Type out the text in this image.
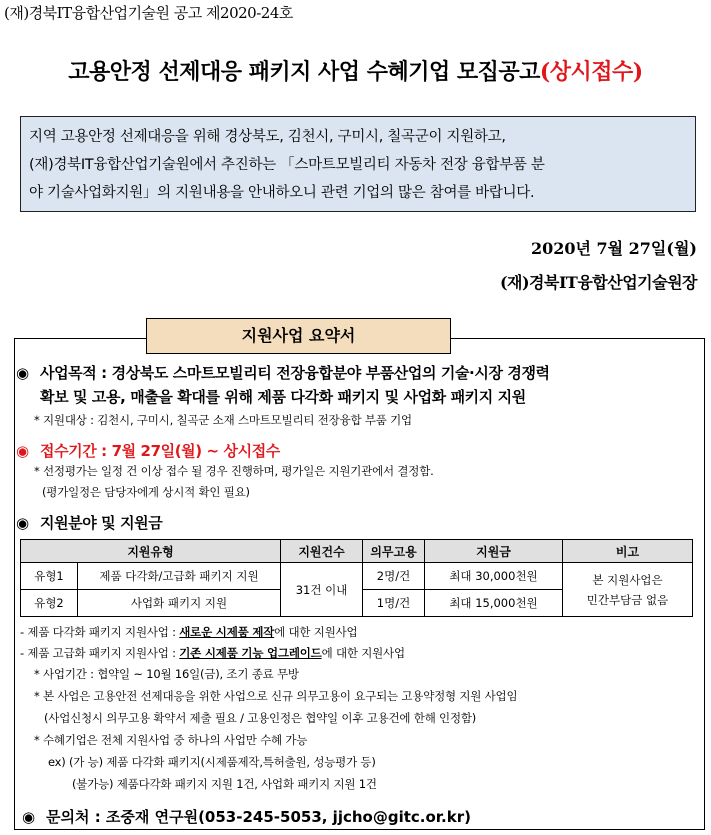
(재)경북IT융합산업기술원 공고 제2020-24호
고용안정 선제대응 패키지 사업 수혜기업 모집공고(상시접수)
지역 고용안정 선제대응을 위해 경상북도, 김천시, 구미시, 칠곡군이 지원하고,
(재)경북IT융합산업기술원에서 추진하는 「스마트모빌리티 자동차 전장 융합부품 분
야 기술사업화지원」의 지원내용을 안내하오니 관련 기업의 많은 참여를 바랍니다.
2020년 7월 27일(월)
(재)경북IT융합산업기술원장
지원사업 요약서
◉ 사업목적 : 경상북도 스마트모빌리티 전장융합분야 부품산업의 기술·시장 경쟁력
확보 및 고용, 매출을 확대를 위해 제품 다각화 패키지 및 사업화 패키지 지원
* 지원대상 : 김천시, 구미시, 칠곡군 소재 스마트모빌리티 전장융합 부품 기업
◉ 접수기간 : 7월 27일(월) ~ 상시접수
* 선정평가는 일정 건 이상 접수 될 경우 진행하며, 평가일은 지원기관에서 결정함.
(평가일정은 담당자에게 상시적 확인 필요)
◉ 지원분야 및 지원금
지원유형		지원건수	의무고용	지원금	비고
유형1	제품 다각화/고급화 패키지 지원	31건 이내	2명/건	최대 30,000천원	본 지원사업은
민간부담금 없음

유형2	사업화 패키지 지원		1명/건	최대 15,000천원	
- 제품 다각화 패키지 지원사업 : 새로운 시제품 제작에 대한 지원사업
- 제품 고급화 패키지 지원사업 : 기존 시제품 기능 업그레이드에 대한 지원사업
* 사업기간 : 협약일 ~ 10월 16일(금), 조기 종료 무방
* 본 사업은 고용안전 선제대응을 위한 사업으로 신규 의무고용이 요구되는 고용약정형 지원 사업임
(사업신청시 의무고용 확약서 제출 필요 / 고용인정은 협약일 이후 고용건에 한해 인정함)
* 수혜기업은 전체 지원사업 중 하나의 사업만 수혜 가능
ex) (가 능) 제품 다각화 패키지(시제품제작,특허출원, 성능평가 등)
(불가능) 제품다각화 패키지 지원 1건, 사업화 패키지 지원 1건
◉ 문의처 : 조중재 연구원(053-245-5053, jjcho@gitc.or.kr)
